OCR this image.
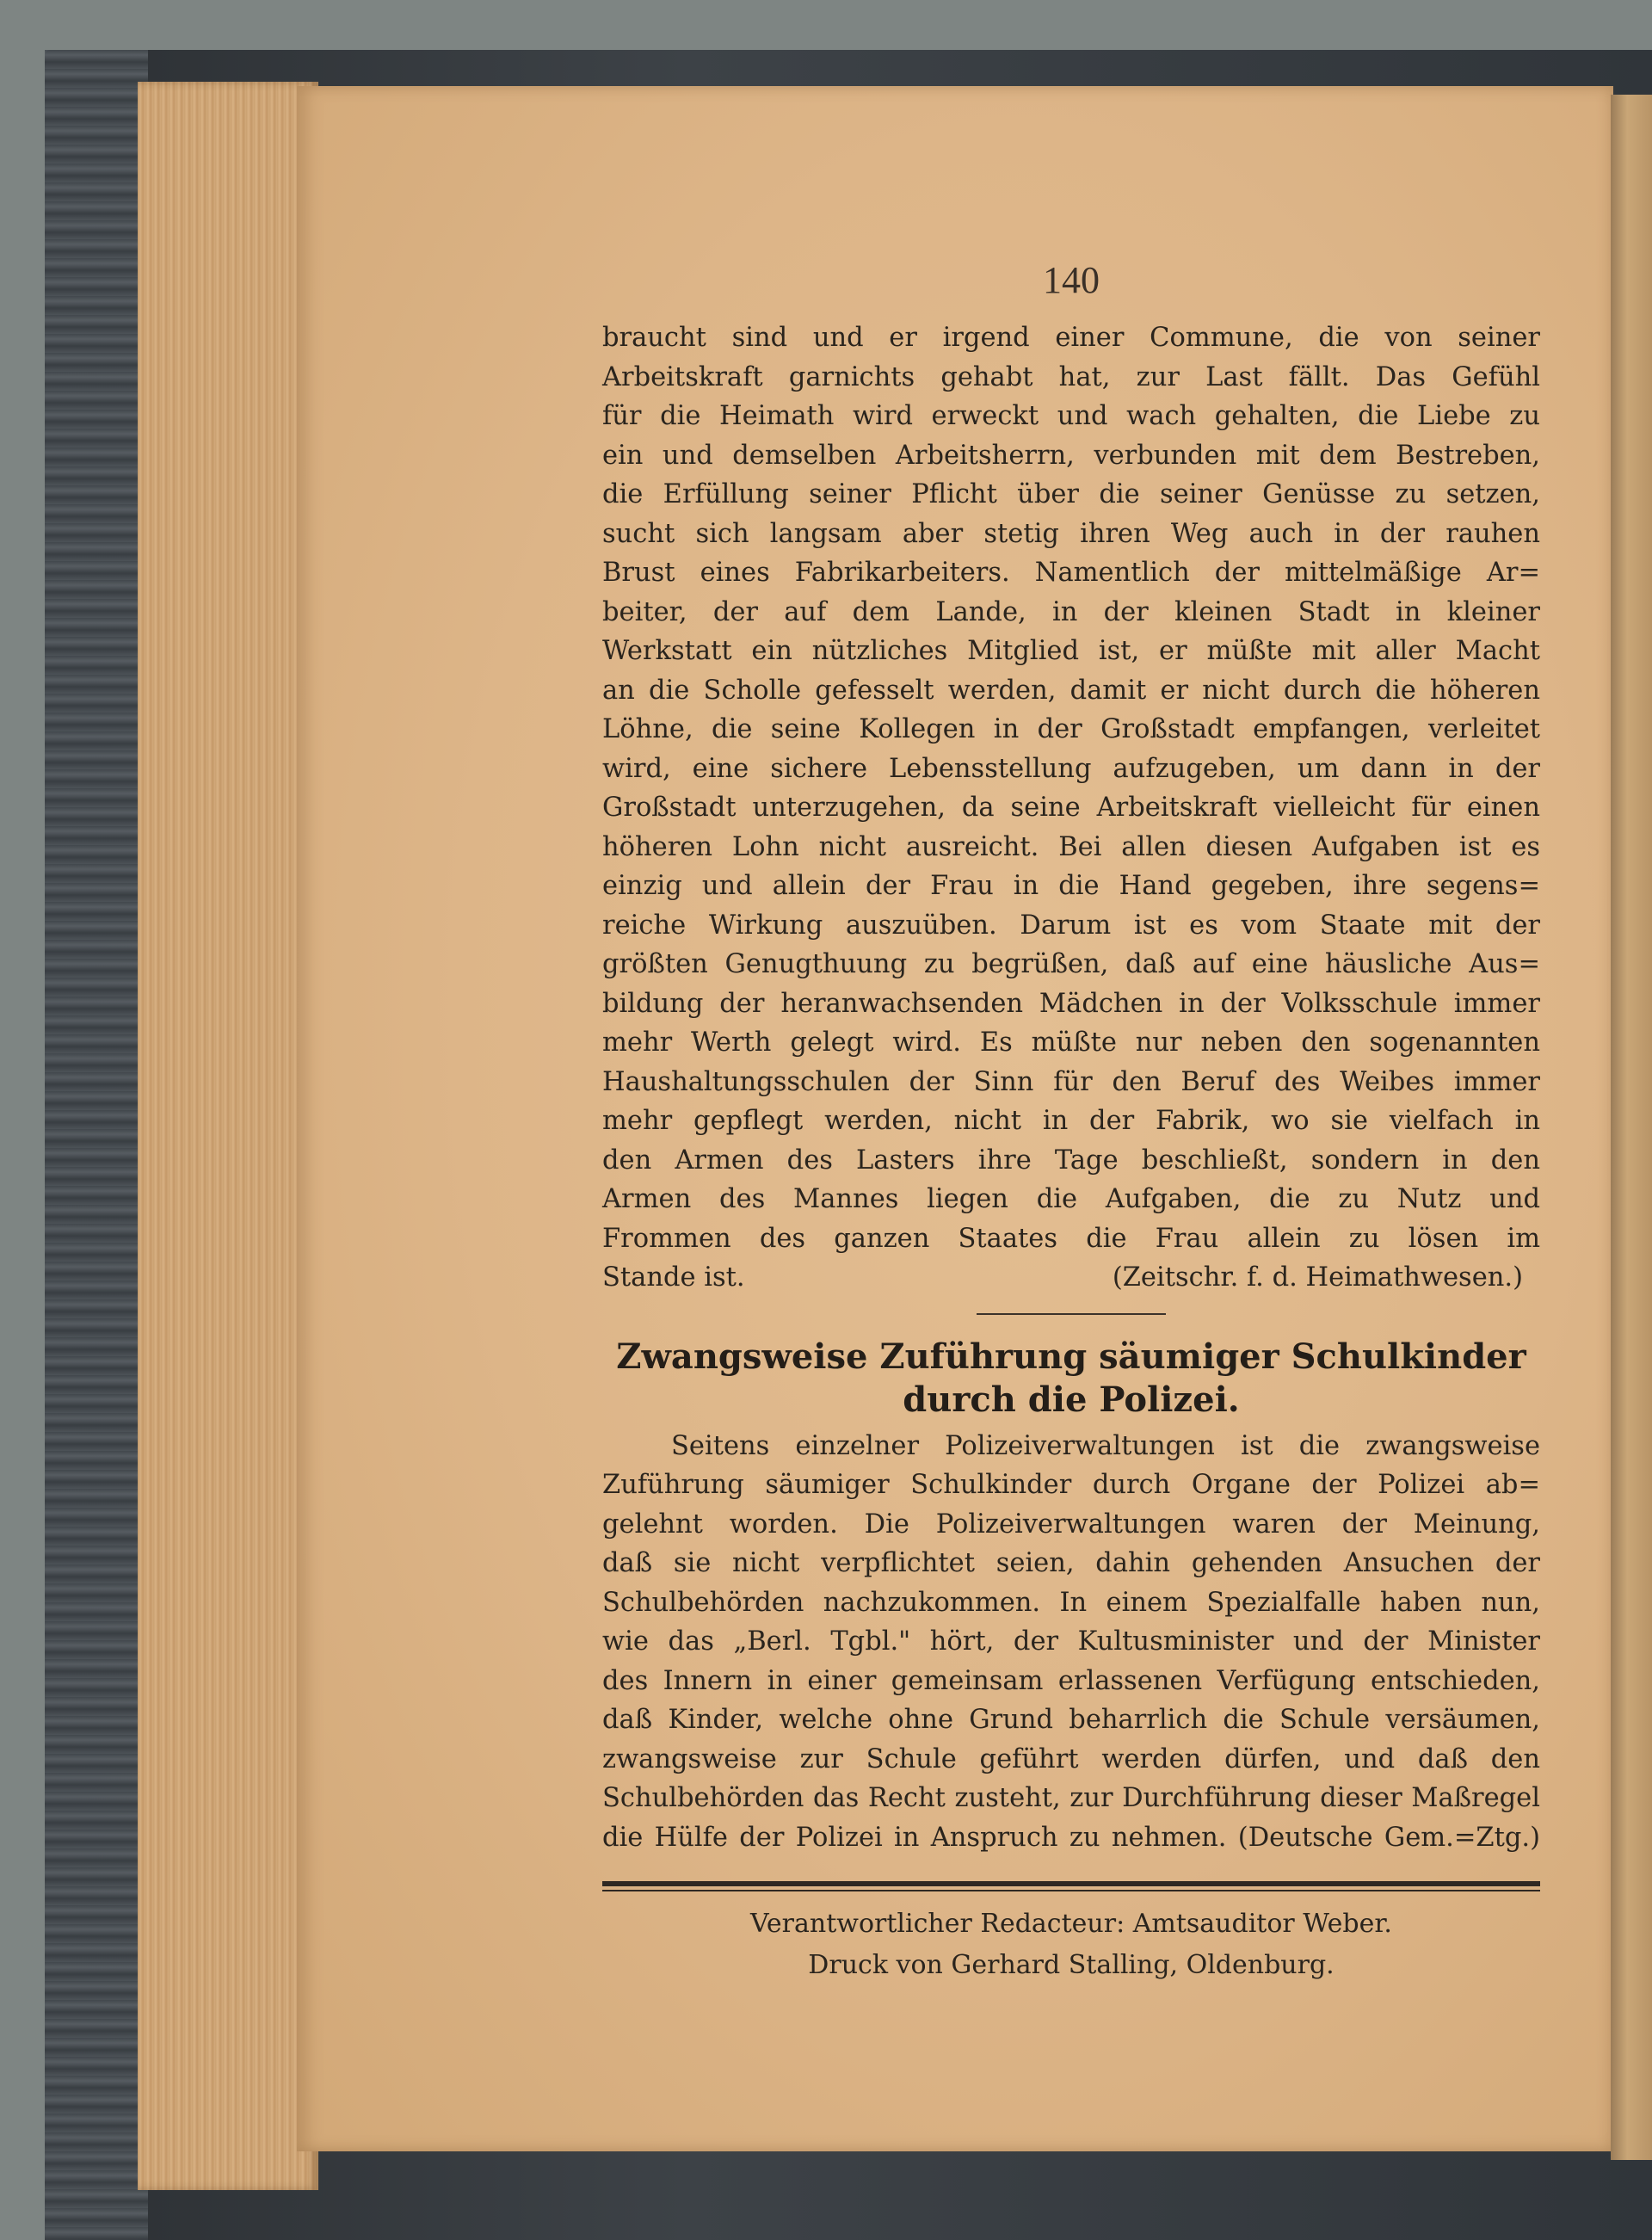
140
braucht sind und er irgend einer Commune, die von seiner
Arbeitskraft garnichts gehabt hat, zur Last fällt. Das Gefühl
für die Heimath wird erweckt und wach gehalten, die Liebe zu
ein und demselben Arbeitsherrn, verbunden mit dem Bestreben,
die Erfüllung seiner Pflicht über die seiner Genüsse zu setzen,
sucht sich langsam aber stetig ihren Weg auch in der rauhen
Brust eines Fabrikarbeiters. Namentlich der mittelmäßige Ar=
beiter, der auf dem Lande, in der kleinen Stadt in kleiner
Werkstatt ein nützliches Mitglied ist, er müßte mit aller Macht
an die Scholle gefesselt werden, damit er nicht durch die höheren
Löhne, die seine Kollegen in der Großstadt empfangen, verleitet
wird, eine sichere Lebensstellung aufzugeben, um dann in der
Großstadt unterzugehen, da seine Arbeitskraft vielleicht für einen
höheren Lohn nicht ausreicht. Bei allen diesen Aufgaben ist es
einzig und allein der Frau in die Hand gegeben, ihre segens=
reiche Wirkung auszuüben. Darum ist es vom Staate mit der
größten Genugthuung zu begrüßen, daß auf eine häusliche Aus=
bildung der heranwachsenden Mädchen in der Volksschule immer
mehr Werth gelegt wird. Es müßte nur neben den sogenannten
Haushaltungsschulen der Sinn für den Beruf des Weibes immer
mehr gepflegt werden, nicht in der Fabrik, wo sie vielfach in
den Armen des Lasters ihre Tage beschließt, sondern in den
Armen des Mannes liegen die Aufgaben, die zu Nutz und
Frommen des ganzen Staates die Frau allein zu lösen im
Stande ist.	(Zeitschr. f. d. Heimathwesen.)
Zwangsweise Zuführung säumiger Schulkinder
durch die Polizei.
Seitens einzelner Polizeiverwaltungen ist die zwangsweise
Zuführung säumiger Schulkinder durch Organe der Polizei ab=
gelehnt worden. Die Polizeiverwaltungen waren der Meinung,
daß sie nicht verpflichtet seien, dahin gehenden Ansuchen der
Schulbehörden nachzukommen. In einem Spezialfalle haben nun,
wie das „Berl. Tgbl." hört, der Kultusminister und der Minister
des Innern in einer gemeinsam erlassenen Verfügung entschieden,
daß Kinder, welche ohne Grund beharrlich die Schule versäumen,
zwangsweise zur Schule geführt werden dürfen, und daß den
Schulbehörden das Recht zusteht, zur Durchführung dieser Maßregel
die Hülfe der Polizei in Anspruch zu nehmen. (Deutsche Gem.=Ztg.)
Verantwortlicher Redacteur: Amtsauditor Weber.
Druck von Gerhard Stalling, Oldenburg.
